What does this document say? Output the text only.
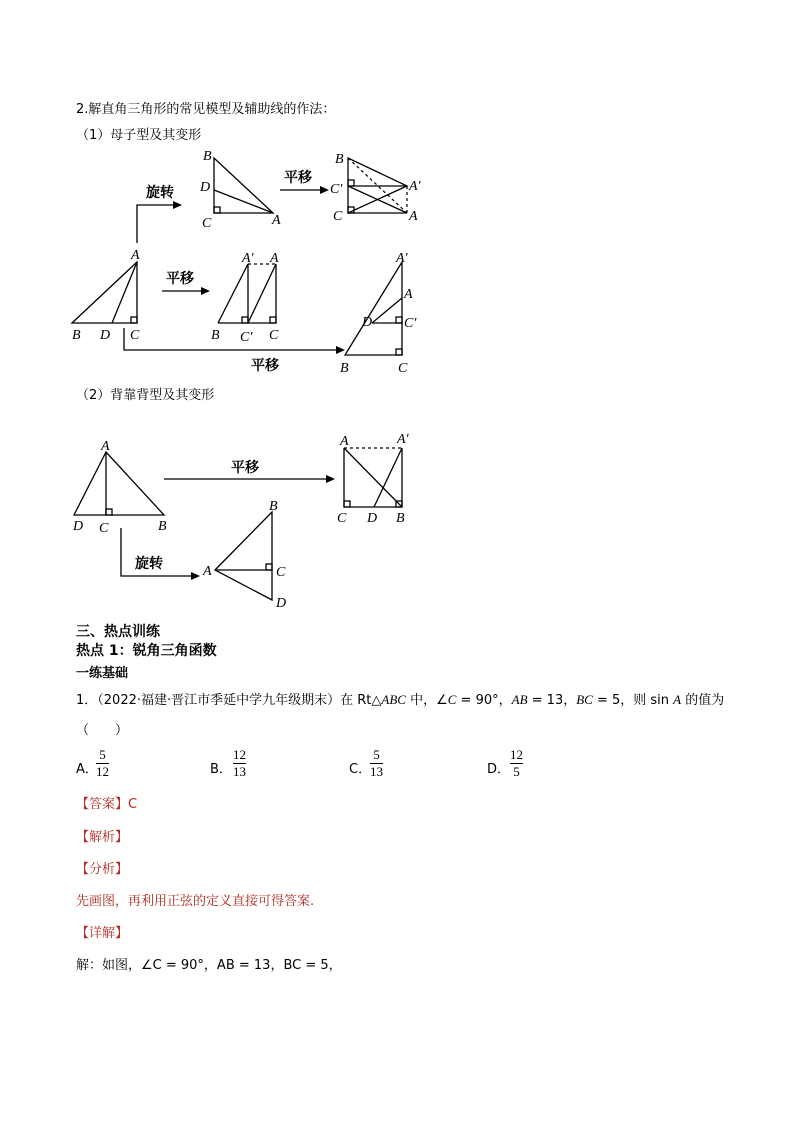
2.解直角三角形的常见模型及辅助线的作法：
（1）母子型及其变形
（2）背靠背型及其变形
旋转
平移
平移
平移
平移
旋转
A
B D C
B
D
C	A
B
C′
C
A′
A
A′ A
B C′ C
A′
A
D C′
B	C
A
D C	B
B
A	C
D
A	A′
C D B
三、热点训练
热点 1：锐角三角函数
一练基础
1．（2022·福建·晋江市季延中学九年级期末）在 Rt△ABC 中，∠C = 90°，AB = 13，BC = 5，则 sin A 的值为
（　　）
A．
5
12	B．
12
13	C．
5
13	D．
12
5
【答案】C
【解析】
【分析】
先画图，再利用正弦的定义直接可得答案.
【详解】
解：如图，∠C = 90°，AB = 13，BC = 5，
